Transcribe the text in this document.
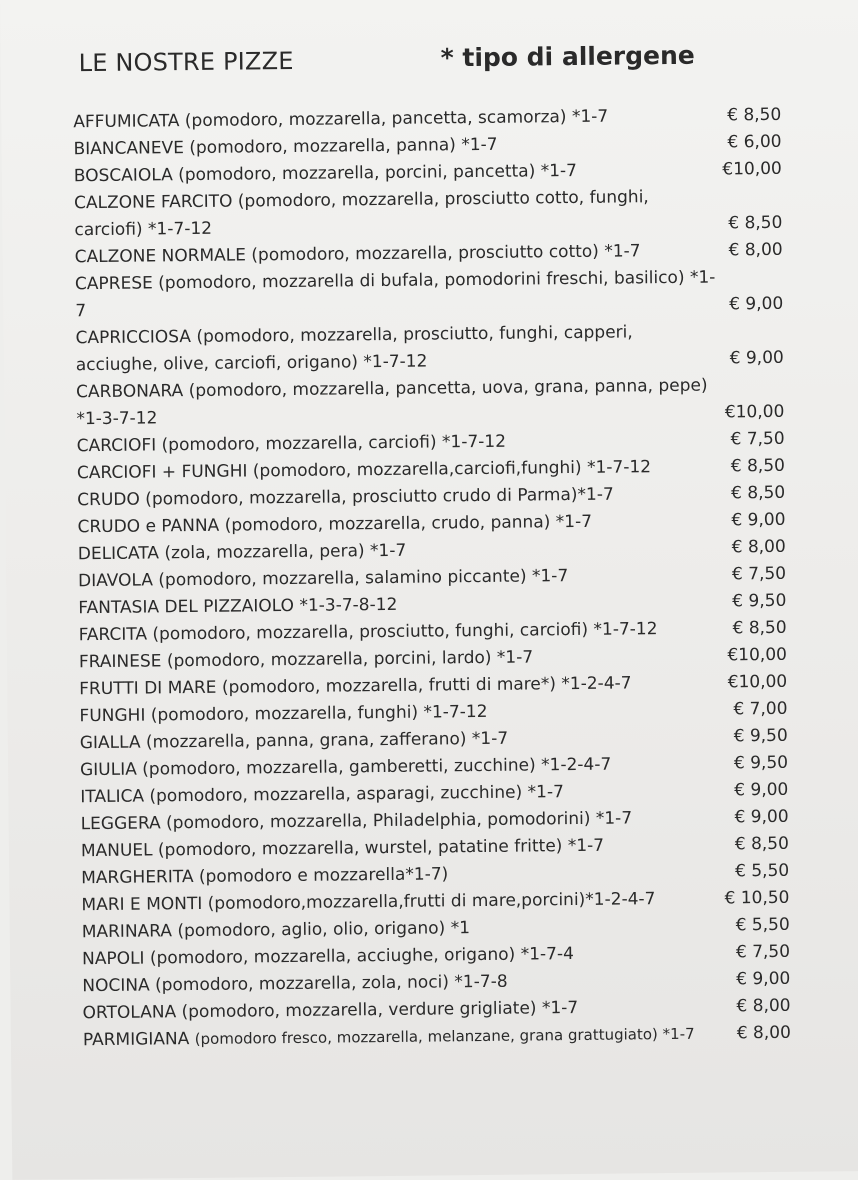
LE NOSTRE PIZZE	* tipo di allergene
AFFUMICATA (pomodoro, mozzarella, pancetta, scamorza) *1-7	€ 8,50
BIANCANEVE (pomodoro, mozzarella, panna) *1-7	€ 6,00
BOSCAIOLA (pomodoro, mozzarella, porcini, pancetta) *1-7	€10,00
CALZONE FARCITO (pomodoro, mozzarella, prosciutto cotto, funghi, carciofi) *1-7-12	€ 8,50
CALZONE NORMALE (pomodoro, mozzarella, prosciutto cotto) *1-7	€ 8,00
CAPRESE (pomodoro, mozzarella di bufala, pomodorini freschi, basilico) *1-7	€ 9,00
CAPRICCIOSA (pomodoro, mozzarella, prosciutto, funghi, capperi, acciughe, olive, carciofi, origano) *1-7-12	€ 9,00
CARBONARA (pomodoro, mozzarella, pancetta, uova, grana, panna, pepe) *1-3-7-12	€10,00
CARCIOFI (pomodoro, mozzarella, carciofi) *1-7-12	€ 7,50
CARCIOFI + FUNGHI (pomodoro, mozzarella,carciofi,funghi) *1-7-12	€ 8,50
CRUDO (pomodoro, mozzarella, prosciutto crudo di Parma)*1-7	€ 8,50
CRUDO e PANNA (pomodoro, mozzarella, crudo, panna) *1-7	€ 9,00
DELICATA (zola, mozzarella, pera) *1-7	€ 8,00
DIAVOLA (pomodoro, mozzarella, salamino piccante) *1-7	€ 7,50
FANTASIA DEL PIZZAIOLO *1-3-7-8-12	€ 9,50
FARCITA (pomodoro, mozzarella, prosciutto, funghi, carciofi) *1-7-12	€ 8,50
FRAINESE (pomodoro, mozzarella, porcini, lardo) *1-7	€10,00
FRUTTI DI MARE (pomodoro, mozzarella, frutti di mare*) *1-2-4-7	€10,00
FUNGHI (pomodoro, mozzarella, funghi) *1-7-12	€ 7,00
GIALLA (mozzarella, panna, grana, zafferano) *1-7	€ 9,50
GIULIA (pomodoro, mozzarella, gamberetti, zucchine) *1-2-4-7	€ 9,50
ITALICA (pomodoro, mozzarella, asparagi, zucchine) *1-7	€ 9,00
LEGGERA (pomodoro, mozzarella, Philadelphia, pomodorini) *1-7	€ 9,00
MANUEL (pomodoro, mozzarella, wurstel, patatine fritte) *1-7	€ 8,50
MARGHERITA (pomodoro e mozzarella*1-7)	€ 5,50
MARI E MONTI (pomodoro,mozzarella,frutti di mare,porcini)*1-2-4-7	€ 10,50
MARINARA (pomodoro, aglio, olio, origano) *1	€ 5,50
NAPOLI (pomodoro, mozzarella, acciughe, origano) *1-7-4	€ 7,50
NOCINA (pomodoro, mozzarella, zola, noci) *1-7-8	€ 9,00
ORTOLANA (pomodoro, mozzarella, verdure grigliate) *1-7	€ 8,00
PARMIGIANA (pomodoro fresco, mozzarella, melanzane, grana grattugiato) *1-7 € 8,00
